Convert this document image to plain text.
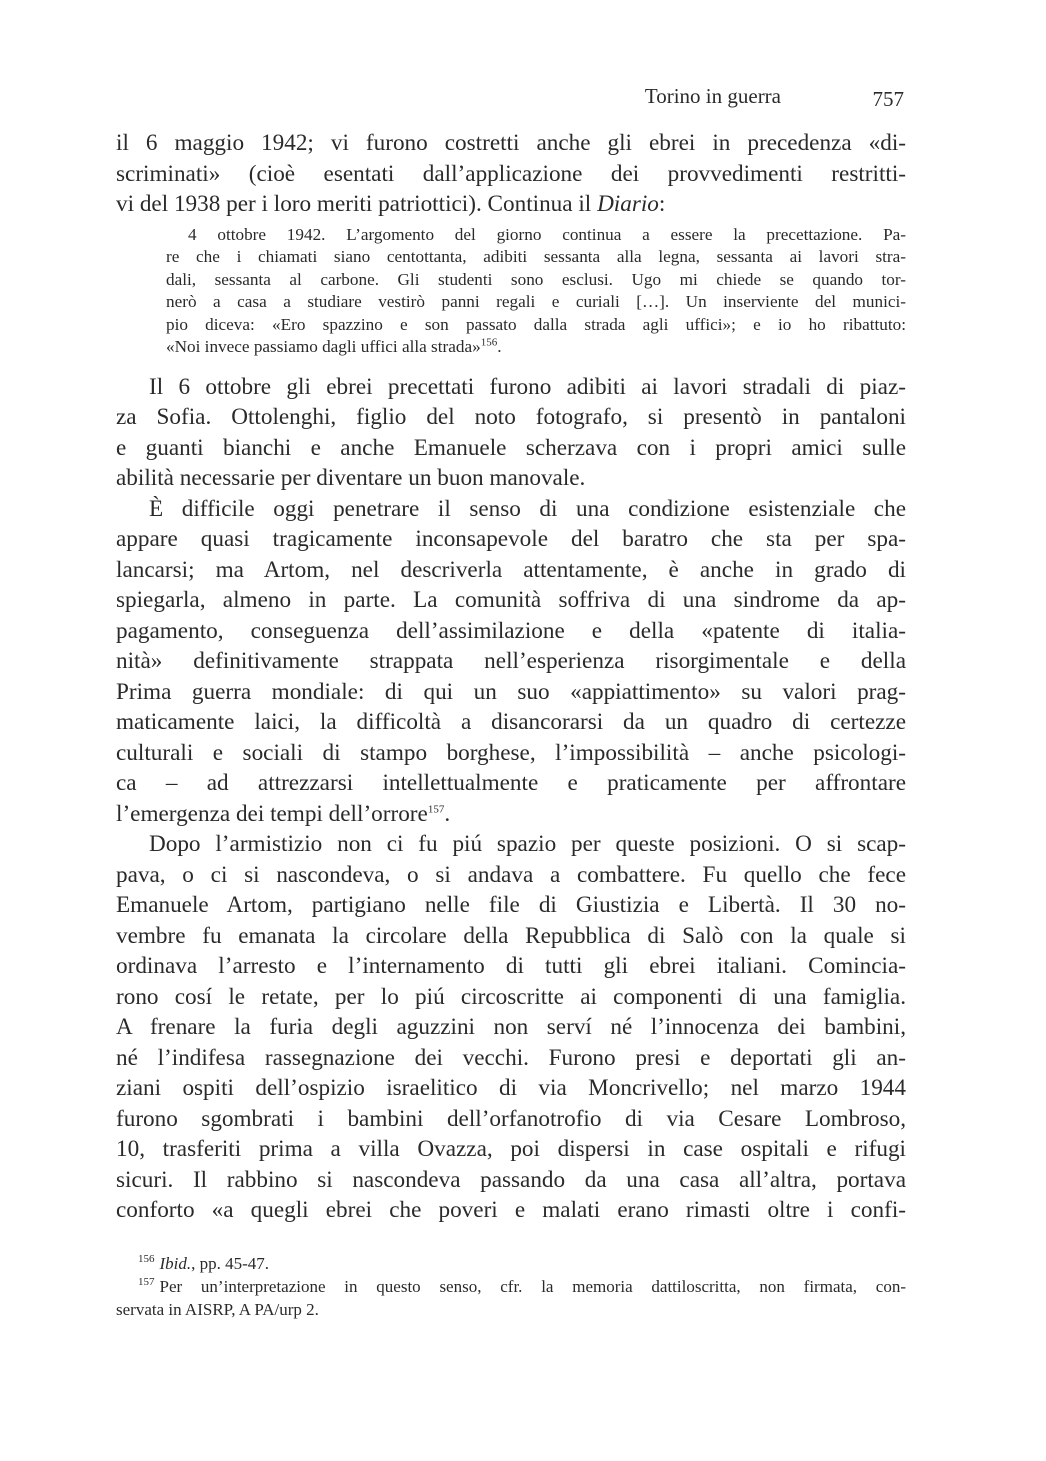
Torino in guerra	757
il 6 maggio 1942; vi furono costretti anche gli ebrei in precedenza «di-
scriminati» (cioè esentati dall’applicazione dei provvedimenti restritti-
vi del 1938 per i loro meriti patriottici). Continua il Diario:
4 ottobre 1942. L’argomento del giorno continua a essere la precettazione. Pa-
re che i chiamati siano centottanta, adibiti sessanta alla legna, sessanta ai lavori stra-
dali, sessanta al carbone. Gli studenti sono esclusi. Ugo mi chiede se quando tor-
nerò a casa a studiare vestirò panni regali e curiali […]. Un inserviente del munici-
pio diceva: «Ero spazzino e son passato dalla strada agli uffici»; e io ho ribattuto:
«Noi invece passiamo dagli uffici alla strada»$^{156}$.
Il 6 ottobre gli ebrei precettati furono adibiti ai lavori stradali di piaz-
za Sofia. Ottolenghi, figlio del noto fotografo, si presentò in pantaloni
e guanti bianchi e anche Emanuele scherzava con i propri amici sulle
abilità necessarie per diventare un buon manovale.
È difficile oggi penetrare il senso di una condizione esistenziale che
appare quasi tragicamente inconsapevole del baratro che sta per spa-
lancarsi; ma Artom, nel descriverla attentamente, è anche in grado di
spiegarla, almeno in parte. La comunità soffriva di una sindrome da ap-
pagamento, conseguenza dell’assimilazione e della «patente di italia-
nità» definitivamente strappata nell’esperienza risorgimentale e della
Prima guerra mondiale: di qui un suo «appiattimento» su valori prag-
maticamente laici, la difficoltà a disancorarsi da un quadro di certezze
culturali e sociali di stampo borghese, l’impossibilità – anche psicologi-
ca – ad attrezzarsi intellettualmente e praticamente per affrontare
l’emergenza dei tempi dell’orrore$^{157}$.
Dopo l’armistizio non ci fu piú spazio per queste posizioni. O si scap-
pava, o ci si nascondeva, o si andava a combattere. Fu quello che fece
Emanuele Artom, partigiano nelle file di Giustizia e Libertà. Il 30 no-
vembre fu emanata la circolare della Repubblica di Salò con la quale si
ordinava l’arresto e l’internamento di tutti gli ebrei italiani. Comincia-
rono cosí le retate, per lo piú circoscritte ai componenti di una famiglia.
A frenare la furia degli aguzzini non serví né l’innocenza dei bambini,
né l’indifesa rassegnazione dei vecchi. Furono presi e deportati gli an-
ziani ospiti dell’ospizio israelitico di via Moncrivello; nel marzo 1944
furono sgombrati i bambini dell’orfanotrofio di via Cesare Lombroso,
10, trasferiti prima a villa Ovazza, poi dispersi in case ospitali e rifugi
sicuri. Il rabbino si nascondeva passando da una casa all’altra, portava
conforto «a quegli ebrei che poveri e malati erano rimasti oltre i confi-
$^{156}$ Ibid., pp. 45-47.
$^{157}$ Per un’interpretazione in questo senso, cfr. la memoria dattiloscritta, non firmata, con-
servata in AISRP, A PA/urp 2.
